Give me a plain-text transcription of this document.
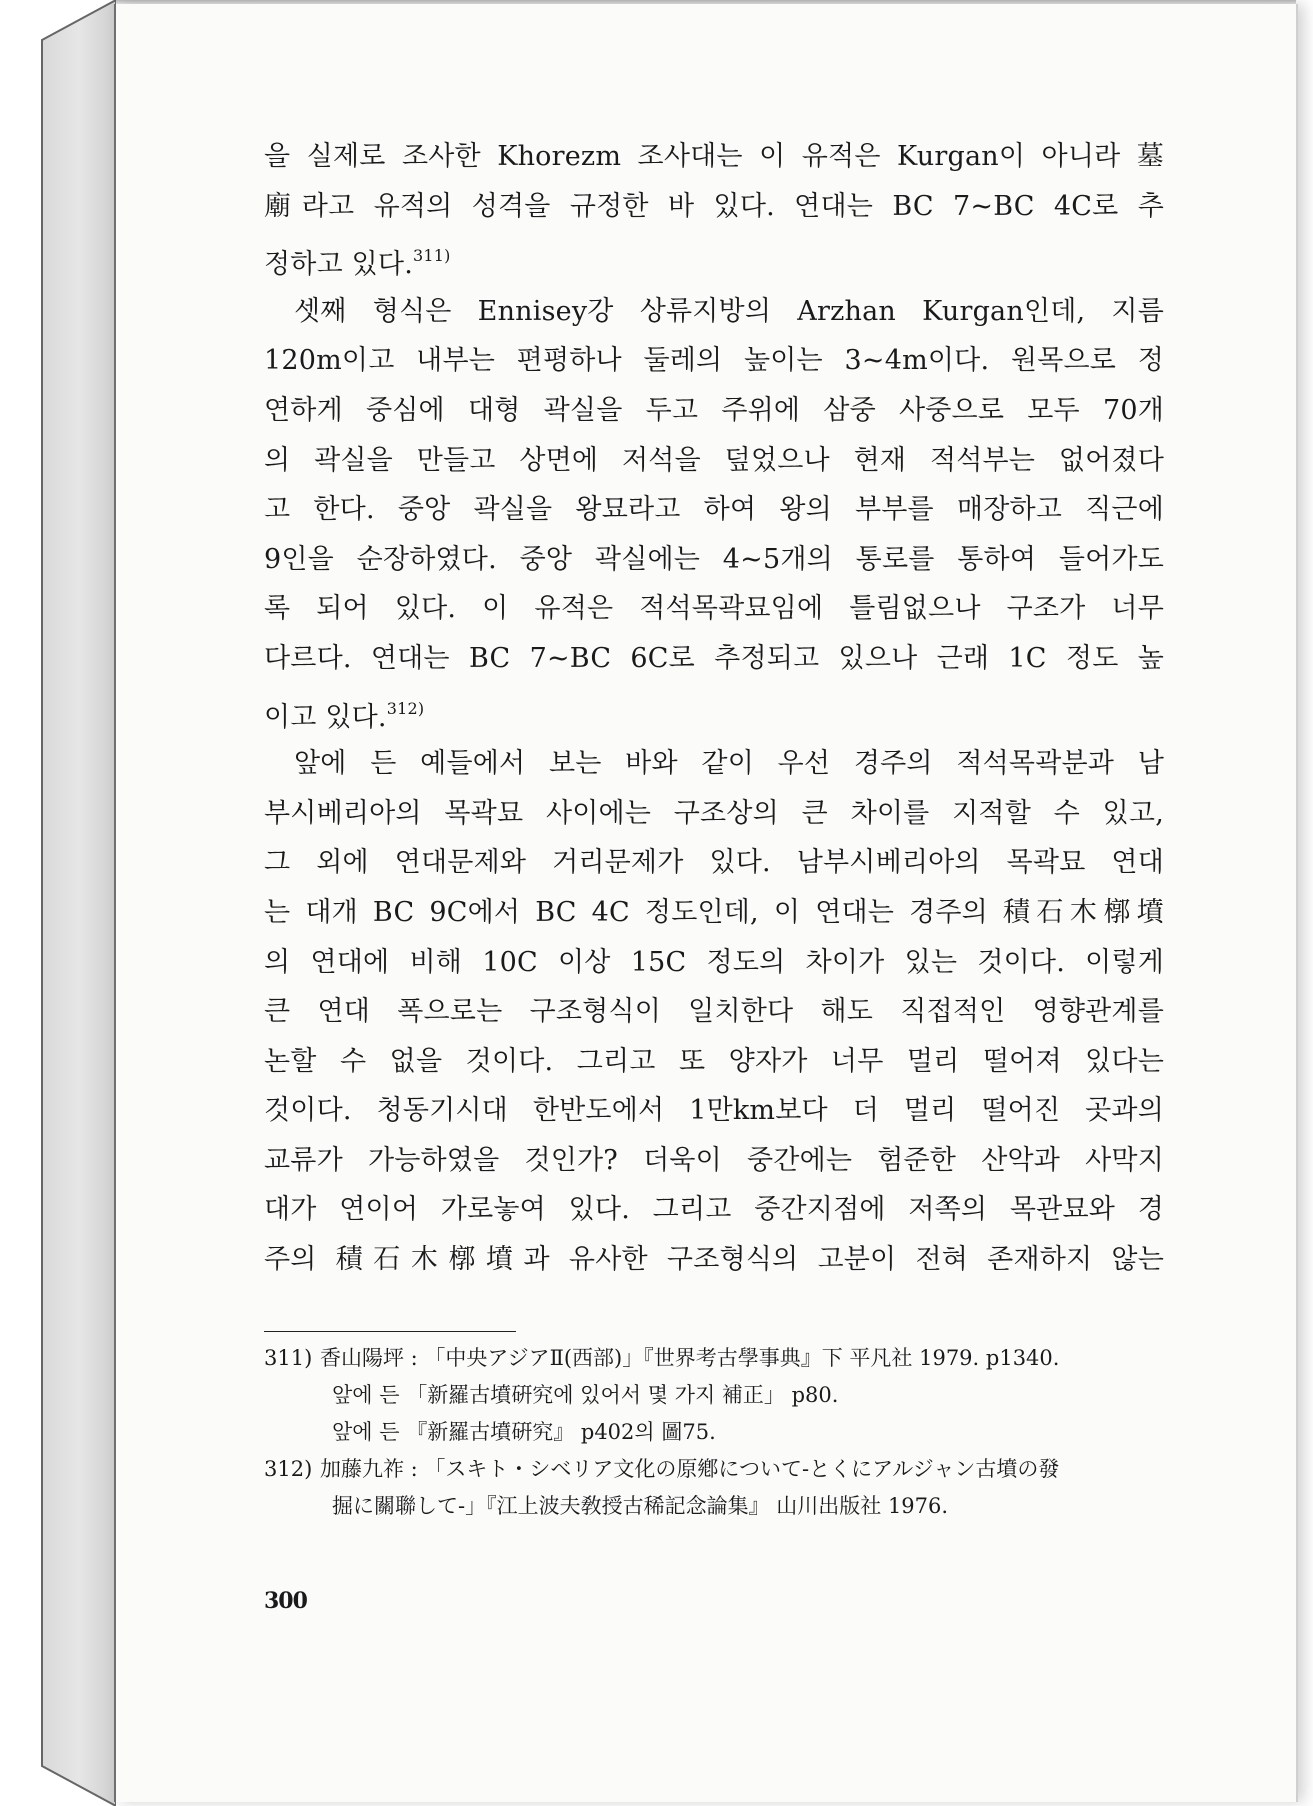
을 실제로 조사한 Khorezm 조사대는 이 유적은 Kurgan이 아니라 墓
廟라고 유적의 성격을 규정한 바 있다. 연대는 BC 7~BC 4C로 추
정하고 있다.$^{311)}$
셋째 형식은 Ennisey강 상류지방의 Arzhan Kurgan인데, 지름
120m이고 내부는 편평하나 둘레의 높이는 3~4m이다. 원목으로 정
연하게 중심에 대형 곽실을 두고 주위에 삼중 사중으로 모두 70개
의 곽실을 만들고 상면에 저석을 덮었으나 현재 적석부는 없어졌다
고 한다. 중앙 곽실을 왕묘라고 하여 왕의 부부를 매장하고 직근에
9인을 순장하였다. 중앙 곽실에는 4~5개의 통로를 통하여 들어가도
록 되어 있다. 이 유적은 적석목곽묘임에 틀림없으나 구조가 너무
다르다. 연대는 BC 7~BC 6C로 추정되고 있으나 근래 1C 정도 높
이고 있다.$^{312)}$
앞에 든 예들에서 보는 바와 같이 우선 경주의 적석목곽분과 남
부시베리아의 목곽묘 사이에는 구조상의 큰 차이를 지적할 수 있고,
그 외에 연대문제와 거리문제가 있다. 남부시베리아의 목곽묘 연대
는 대개 BC 9C에서 BC 4C 정도인데, 이 연대는 경주의 積石木槨墳
의 연대에 비해 10C 이상 15C 정도의 차이가 있는 것이다. 이렇게
큰 연대 폭으로는 구조형식이 일치한다 해도 직접적인 영향관계를
논할 수 없을 것이다. 그리고 또 양자가 너무 멀리 떨어져 있다는
것이다. 청동기시대 한반도에서 1만km보다 더 멀리 떨어진 곳과의
교류가 가능하였을 것인가? 더욱이 중간에는 험준한 산악과 사막지
대가 연이어 가로놓여 있다. 그리고 중간지점에 저쪽의 목관묘와 경
주의 積石木槨墳과 유사한 구조형식의 고분이 전혀 존재하지 않는
311) 香山陽坪 : 「中央アジアⅡ(西部)」『世界考古學事典』下 平凡社 1979. p1340.
앞에 든 「新羅古墳硏究에 있어서 몇 가지 補正」 p80.
앞에 든 『新羅古墳硏究』 p402의 圖75.
312) 加藤九祚 : 「スキト・シベリア文化の原鄕について-とくにアルジャン古墳の發
掘に關聯して-」『江上波夫敎授古稀記念論集』 山川出版社 1976.
300
